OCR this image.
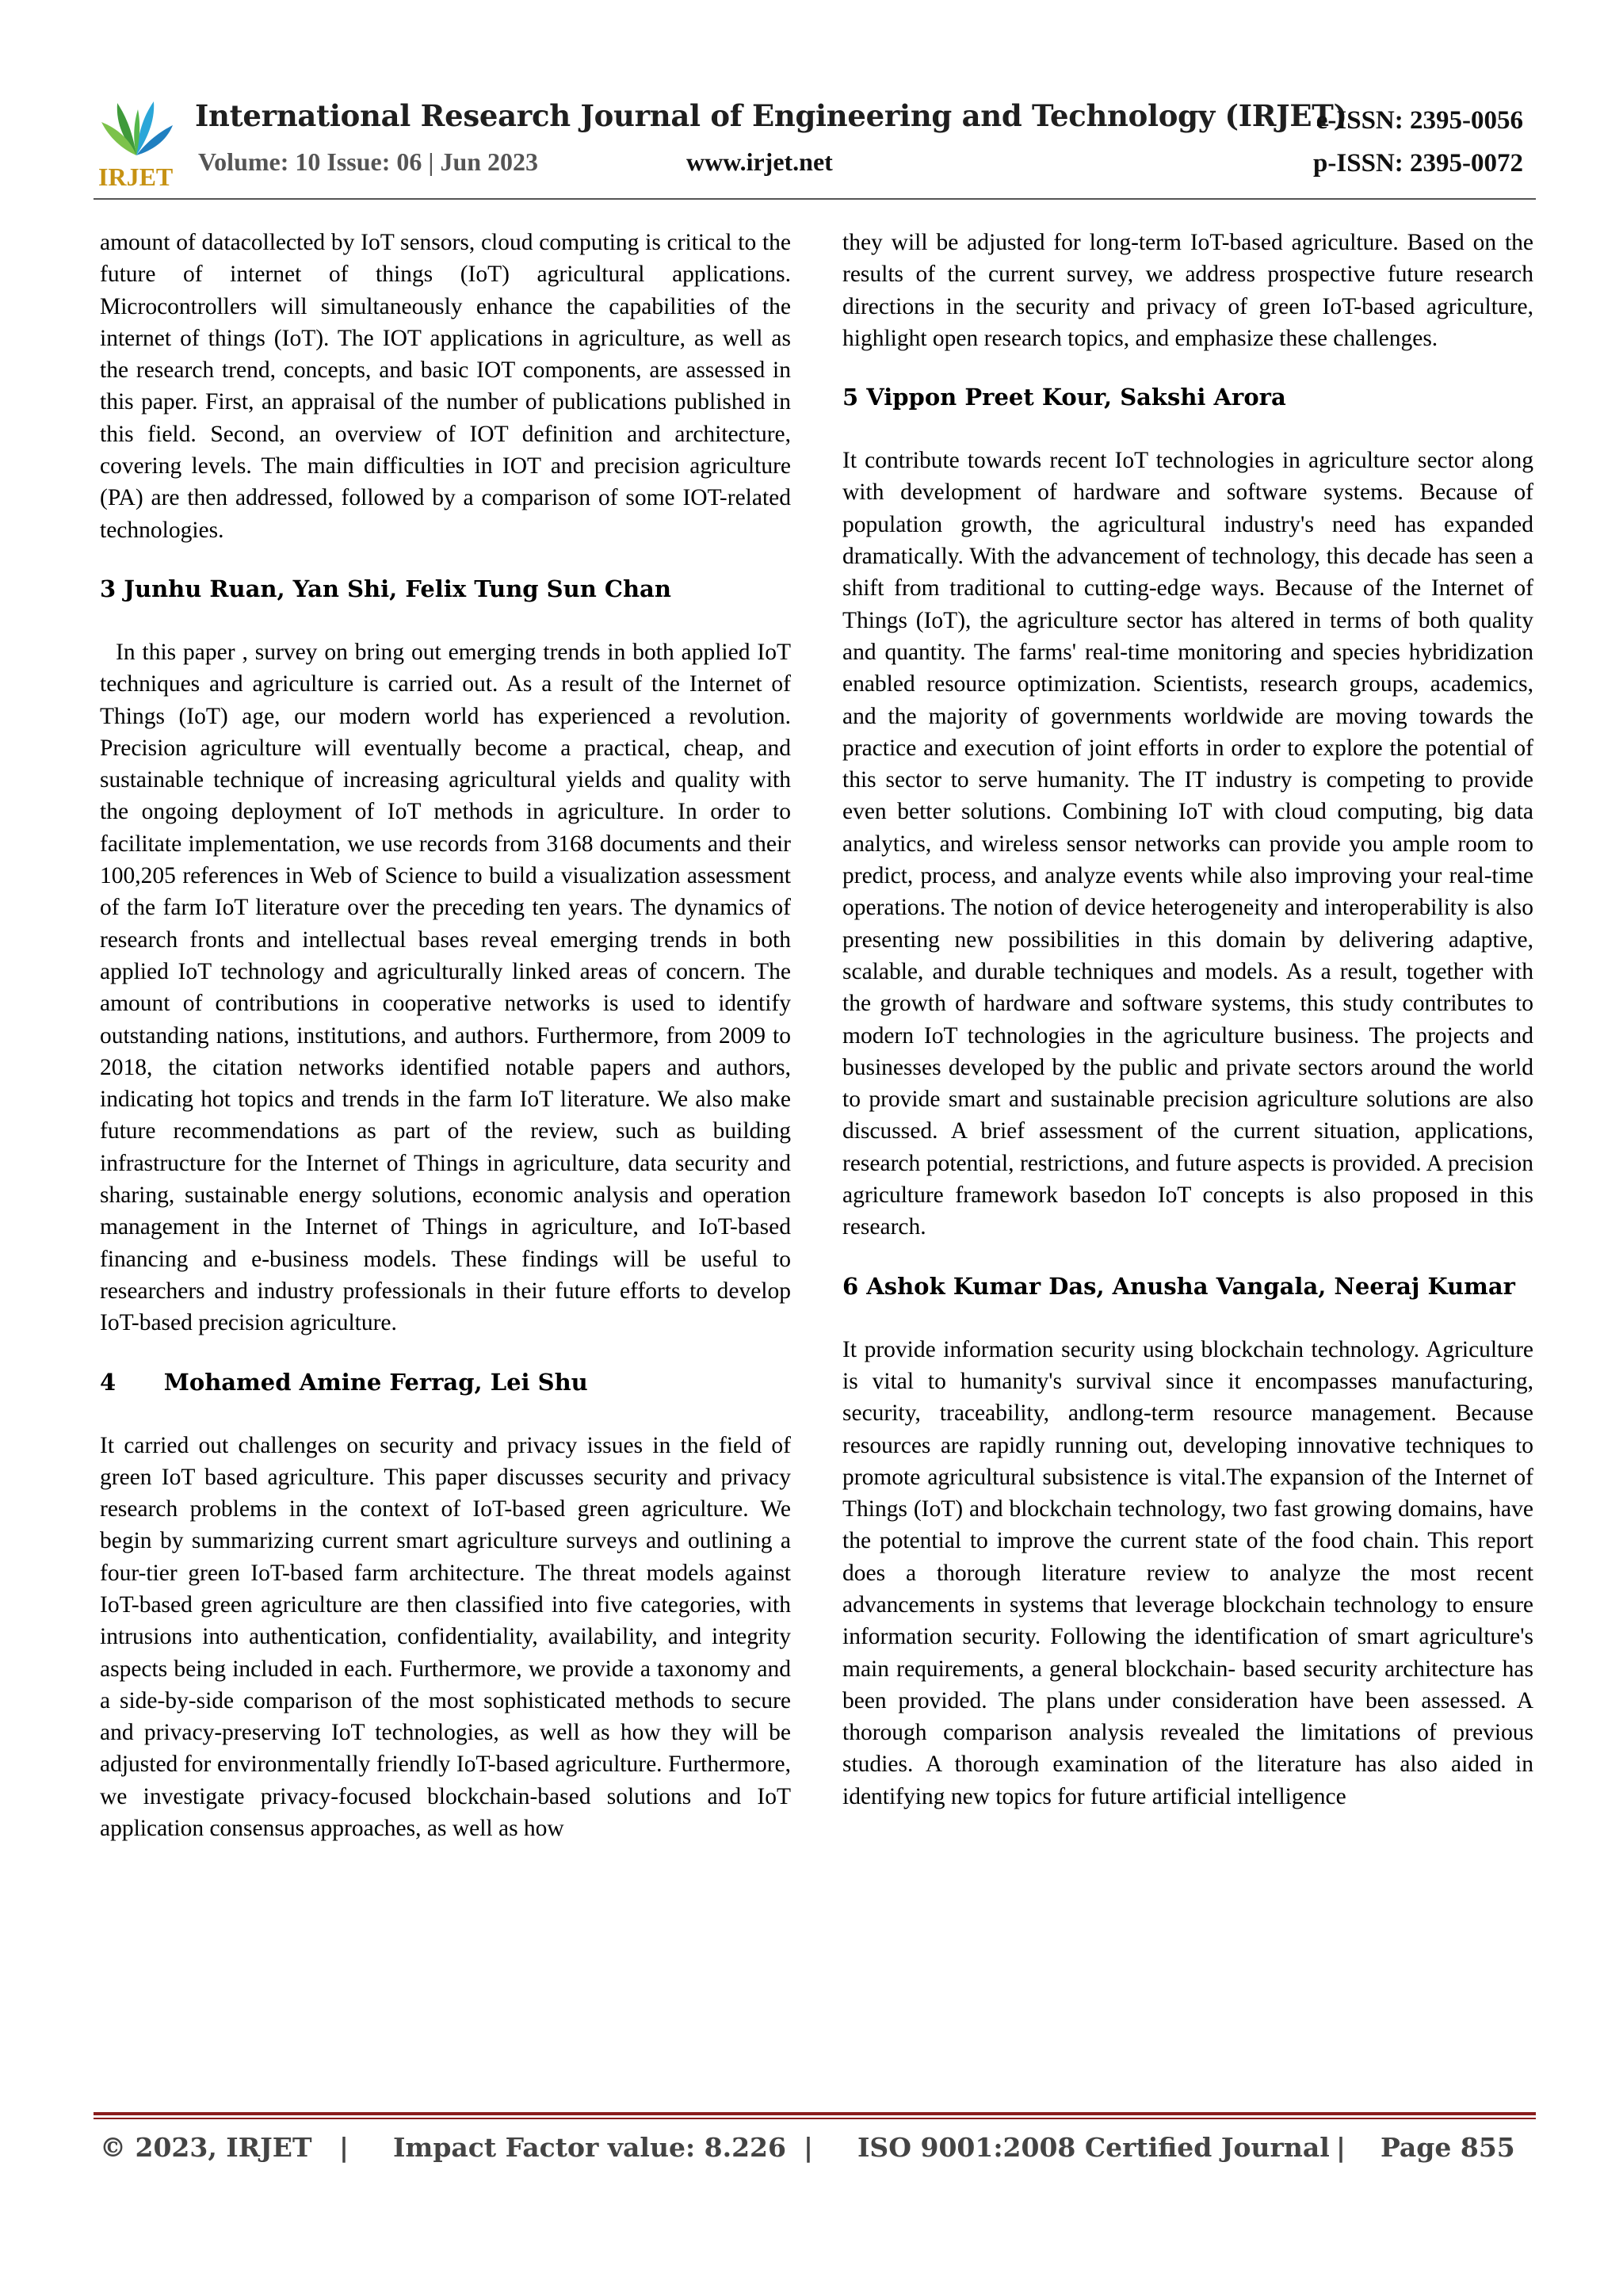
IRJET
International Research Journal of Engineering and Technology (IRJET)
Volume: 10 Issue: 06 | Jun 2023	www.irjet.net
e-ISSN: 2395-0056
p-ISSN: 2395-0072

amount of datacollected by IoT sensors, cloud computing is critical to the future of internet of things (IoT) agricultural applications. Microcontrollers will simultaneously enhance the capabilities of the internet of things (IoT). The IOT applications in agriculture, as well as the research trend, concepts, and basic IOT components, are assessed in this paper. First, an appraisal of the number of publications published in this field. Second, an overview of IOT definition and architecture, covering levels. The main difficulties in IOT and precision agriculture (PA) are then addressed, followed by a comparison of some IOT-related technologies.

3 Junhu Ruan, Yan Shi, Felix Tung Sun Chan

In this paper , survey on bring out emerging trends in both applied IoT techniques and agriculture is carried out. As a result of the Internet of Things (IoT) age, our modern world has experienced a revolution. Precision agriculture will eventually become a practical, cheap, and sustainable technique of increasing agricultural yields and quality with the ongoing deployment of IoT methods in agriculture. In order to facilitate implementation, we use records from 3168 documents and their 100,205 references in Web of Science to build a visualization assessment of the farm IoT literature over the preceding ten years. The dynamics of research fronts and intellectual bases reveal emerging trends in both applied IoT technology and agriculturally linked areas of concern. The amount of contributions in cooperative networks is used to identify outstanding nations, institutions, and authors. Furthermore, from 2009 to 2018, the citation networks identified notable papers and authors, indicating hot topics and trends in the farm IoT literature. We also make future recommendations as part of the review, such as building infrastructure for the Internet of Things in agriculture, data security and sharing, sustainable energy solutions, economic analysis and operation management in the Internet of Things in agriculture, and IoT-based financing and e-business models. These findings will be useful to researchers and industry professionals in their future efforts to develop IoT-based precision agriculture.

4      Mohamed Amine Ferrag, Lei Shu

It carried out challenges on security and privacy issues in the field of green IoT based agriculture. This paper discusses security and privacy research problems in the context of IoT-based green agriculture. We begin by summarizing current smart agriculture surveys and outlining a four-tier green IoT-based farm architecture. The threat models against IoT-based green agriculture are then classified into five categories, with intrusions into authentication, confidentiality, availability, and integrity aspects being included in each. Furthermore, we provide a taxonomy and a side-by-side comparison of the most sophisticated methods to secure and privacy-preserving IoT technologies, as well as how they will be adjusted for environmentally friendly IoT-based agriculture. Furthermore, we investigate privacy-focused blockchain-based solutions and IoT application consensus approaches, as well as how

they will be adjusted for long-term IoT-based agriculture. Based on the results of the current survey, we address prospective future research directions in the security and privacy of green IoT-based agriculture, highlight open research topics, and emphasize these challenges.

5 Vippon Preet Kour, Sakshi Arora

It contribute towards recent IoT technologies in agriculture sector along with development of hardware and software systems. Because of population growth, the agricultural industry's need has expanded dramatically. With the advancement of technology, this decade has seen a shift from traditional to cutting-edge ways. Because of the Internet of Things (IoT), the agriculture sector has altered in terms of both quality and quantity. The farms' real-time monitoring and species hybridization enabled resource optimization. Scientists, research groups, academics, and the majority of governments worldwide are moving towards the practice and execution of joint efforts in order to explore the potential of this sector to serve humanity. The IT industry is competing to provide even better solutions. Combining IoT with cloud computing, big data analytics, and wireless sensor networks can provide you ample room to predict, process, and analyze events while also improving your real-time operations. The notion of device heterogeneity and interoperability is also presenting new possibilities in this domain by delivering adaptive, scalable, and durable techniques and models. As a result, together with the growth of hardware and software systems, this study contributes to modern IoT technologies in the agriculture business. The projects and businesses developed by the public and private sectors around the world to provide smart and sustainable precision agriculture solutions are also discussed. A brief assessment of the current situation, applications, research potential, restrictions, and future aspects is provided. A precision agriculture framework basedon IoT concepts is also proposed in this research.

6 Ashok Kumar Das, Anusha Vangala, Neeraj Kumar

It provide information security using blockchain technology. Agriculture is vital to humanity's survival since it encompasses manufacturing, security, traceability, andlong-term resource management. Because resources are rapidly running out, developing innovative techniques to promote agricultural subsistence is vital.The expansion of the Internet of Things (IoT) and blockchain technology, two fast growing domains, have the potential to improve the current state of the food chain. This report does a thorough literature review to analyze the most recent advancements in systems that leverage blockchain technology to ensure information security. Following the identification of smart agriculture's main requirements, a general blockchain- based security architecture has been provided. The plans under consideration have been assessed. A thorough comparison analysis revealed the limitations of previous studies. A thorough examination of the literature has also aided in identifying new topics for future artificial intelligence

© 2023, IRJET | Impact Factor value: 8.226 | ISO 9001:2008 Certified Journal | Page 855
